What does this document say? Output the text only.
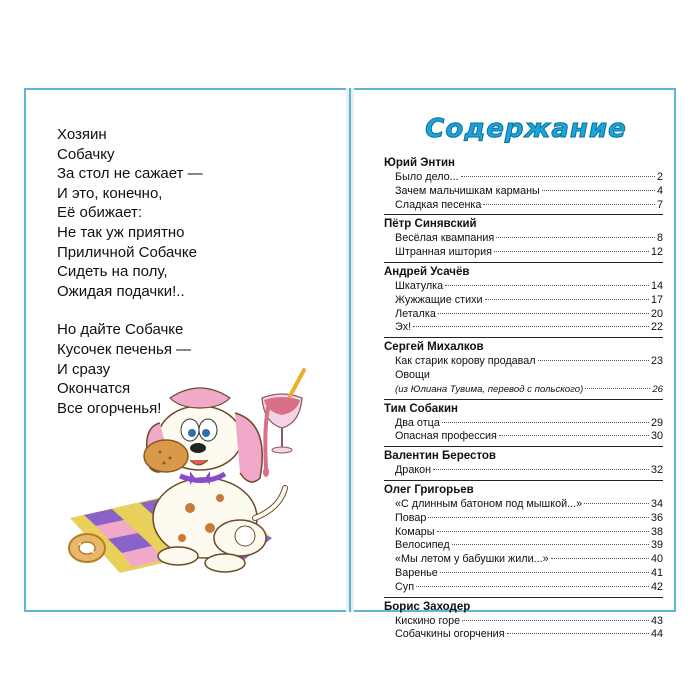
Хозяин
Собачку
За стол не сажает —
И это, конечно,
Её обижает:
Не так уж приятно
Приличной Собачке
Сидеть на полу,
Ожидая подачки!..
Но дайте Собачке
Кусочек печенья —
И сразу
Окончатся
Все огорченья!
Содержание
Юрий Энтин
Было дело...	2
Зачем мальчишкам карманы	4
Сладкая песенка	7
Пётр Синявский
Весёлая квампания	8
Штранная иштория	12
Андрей Усачёв
Шкатулка	14
Жужжащие стихи	17
Леталка	20
Эх!	22
Сергей Михалков
Как старик корову продавал	23
Овощи
(из Юлиана Тувима, перевод с польского)	26
Тим Собакин
Два отца	29
Опасная профессия	30
Валентин Берестов
Дракон	32
Олег Григорьев
«С длинным батоном под мышкой...»	34
Повар	36
Комары	38
Велосипед	39
«Мы летом у бабушки жили...»	40
Варенье	41
Суп	42
Борис Заходер
Кискино горе	43
Собачкины огорчения	44
